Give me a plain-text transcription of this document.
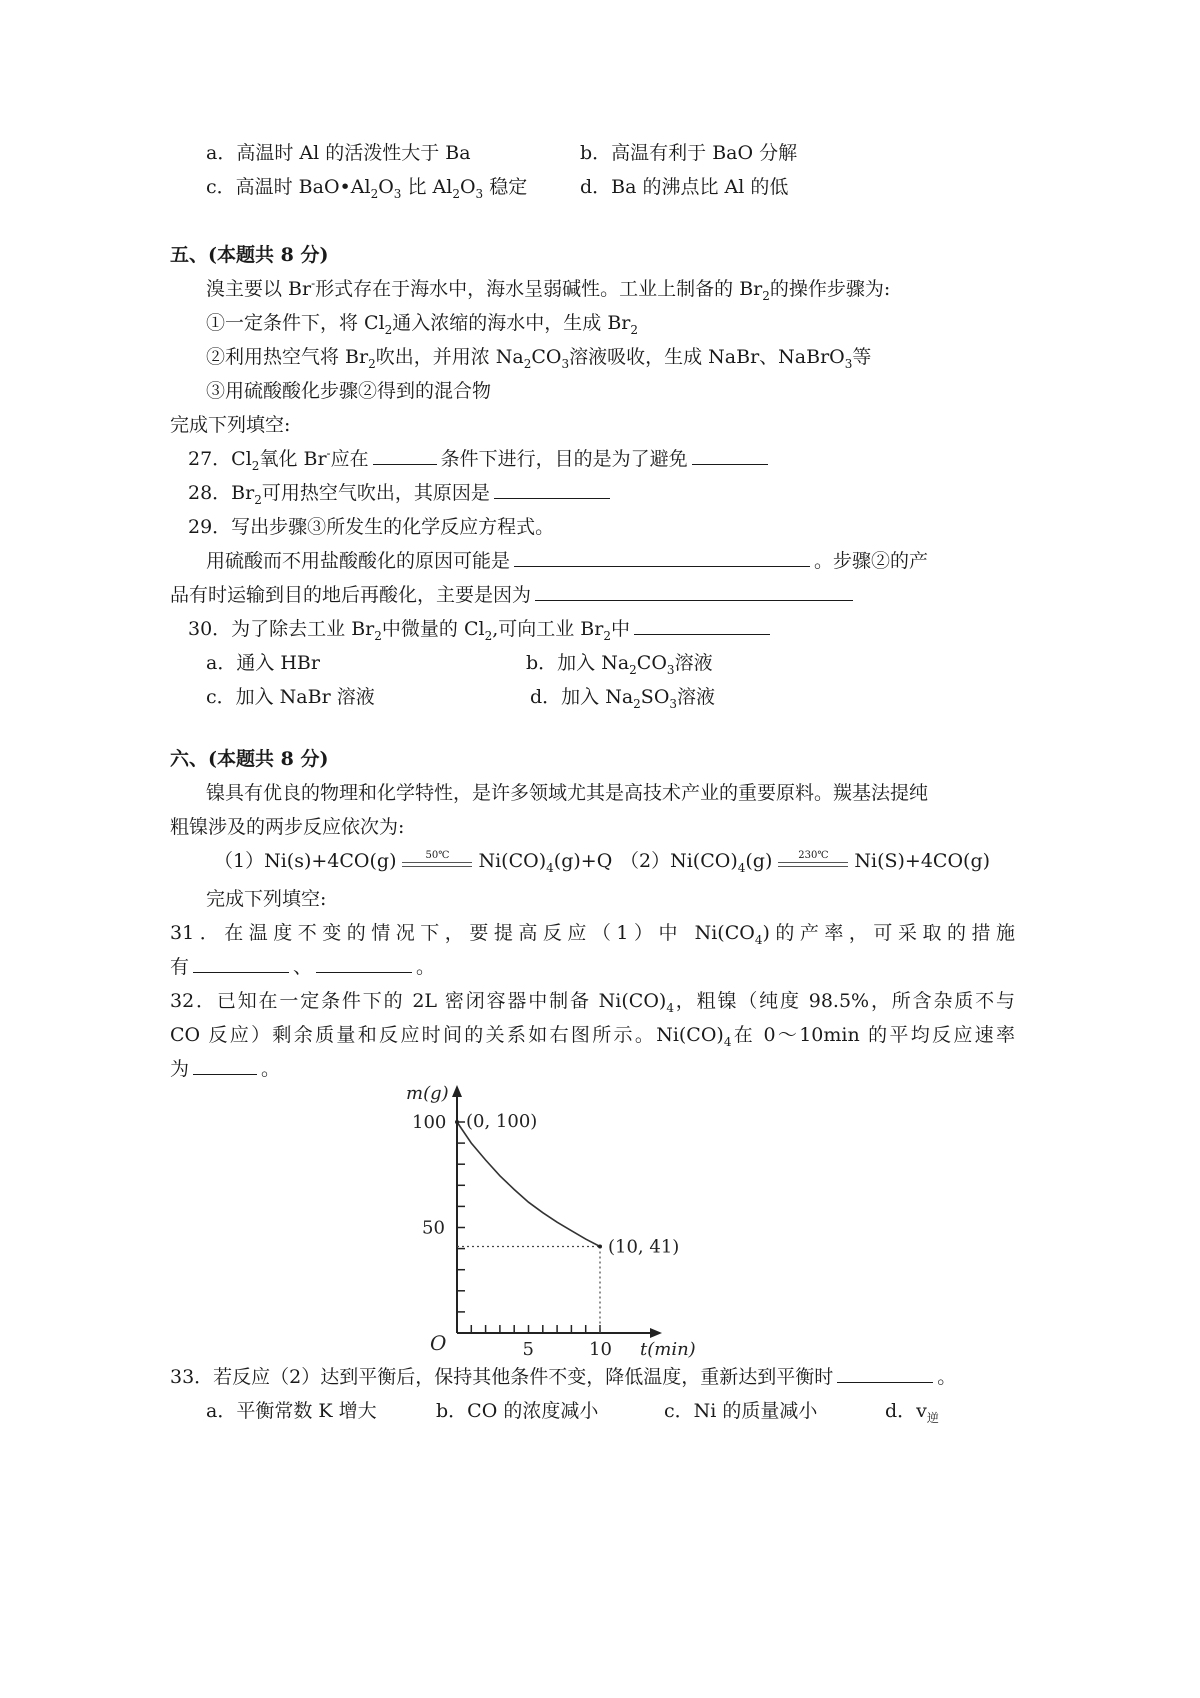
a．高温时 Al 的活泼性大于 Ba	b．高温有利于 BaO 分解
c．高温时 $BaO•Al_2O_3$ 比 $Al_2O_3$ 稳定	d．Ba 的沸点比 Al 的低
五、(本题共 8 分)
溴主要以 Br-形式存在于海水中，海水呈弱碱性。工业上制备的 $Br_2$的操作步骤为:
①一定条件下，将 $Cl_2$通入浓缩的海水中，生成 $Br_2$
②利用热空气将 $Br_2$吹出，并用浓 $Na_2CO_3$溶液吸收，生成 NaBr、NaBrO$_3$等
③用硫酸酸化步骤②得到的混合物
完成下列填空:
27．$Cl_2$氧化 Br-应在	条件下进行，目的是为了避免
28．$Br_2$可用热空气吹出，其原因是
29．写出步骤③所发生的化学反应方程式。
用硫酸而不用盐酸酸化的原因可能是	。步骤②的产
品有时运输到目的地后再酸化，主要是因为
30．为了除去工业 $Br_2$中微量的 $Cl_2$,可向工业 $Br_2$中
a．通入 HBr	b．加入 $Na_2CO_3$溶液
c．加入 NaBr 溶液	d．加入 $Na_2SO_3$溶液
六、(本题共 8 分)
镍具有优良的物理和化学特性，是许多领域尤其是高技术产业的重要原料。羰基法提纯
粗镍涉及的两步反应依次为:
（1）Ni(s)+4CO(g)	50℃	$Ni(CO)_4(g)+Q$ $(2)Ni(CO)_4(g)$	230℃	Ni(S)+4CO(g)
完成下列填空:
31．在温度不变的情况下，要提高反应（1）中 $Ni(CO_4)$的产率，可采取的措施
有	、	。
32．已知在一定条件下的 2L 密闭容器中制备 $Ni(CO)_4$，粗镍（纯度 98.5%，所含杂质不与
CO 反应）剩余质量和反应时间的关系如右图所示。$Ni(CO)_4$在 0～10min 的平均反应速率
为	。
m(g)
t(min)
O
100
50
5	10
(0, 100)
(10, 41)
33．若反应（2）达到平衡后，保持其他条件不变，降低温度，重新达到平衡时	。
a．平衡常数 K 增大	b．CO 的浓度减小	c．Ni 的质量减小	d．$v_逆$
